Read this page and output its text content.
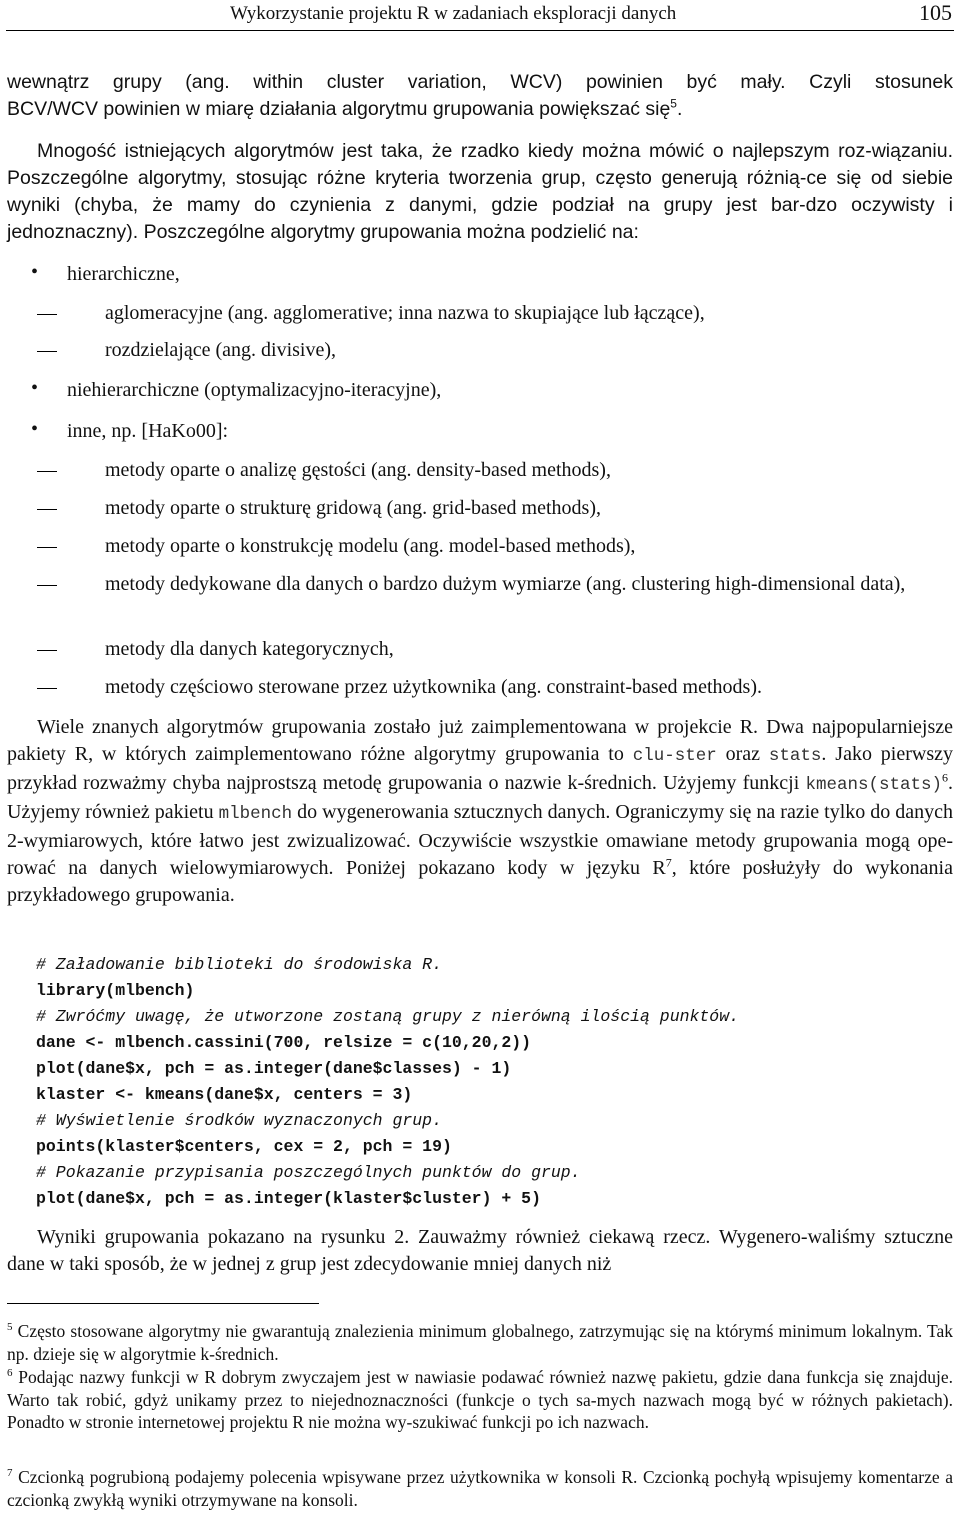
Wykorzystanie projektu R w zadaniach eksploracji danych	105
wewnątrz grupy (ang. within cluster variation, WCV) powinien być mały. Czyli stosunek
BCV/WCV powinien w miarę działania algorytmu grupowania powiększać się$^5$.

Mnogość istniejących algorytmów jest taka, że rzadko kiedy można mówić o najlepszym roz-wiązaniu. Poszczególne algorytmy, stosując różne kryteria tworzenia grup, często generują różnią-ce się od siebie wyniki (chyba, że mamy do czynienia z danymi, gdzie podział na grupy jest bar-dzo oczywisty i jednoznaczny). Poszczególne algorytmy grupowania można podzielić na:

• hierarchiczne,
aglomeracyjne (ang. agglomerative; inna nazwa to skupiające lub łączące),
rozdzielające (ang. divisive),
• niehierarchiczne (optymalizacyjno-iteracyjne),
• inne, np. [HaKo00]:
metody oparte o analizę gęstości (ang. density-based methods),
metody oparte o strukturę gridową (ang. grid-based methods),
metody oparte o konstrukcję modelu (ang. model-based methods),
metody dedykowane dla danych o bardzo dużym wymiarze (ang. clustering high-dimensional data),
metody dla danych kategorycznych,
metody częściowo sterowane przez użytkownika (ang. constraint-based methods).

Wiele znanych algorytmów grupowania zostało już zaimplementowana w projekcie R. Dwa najpopularniejsze pakiety R, w których zaimplementowano różne algorytmy grupowania to clu-ster oraz stats. Jako pierwszy przykład rozważmy chyba najprostszą metodę grupowania o nazwie k-średnich. Użyjemy funkcji kmeans(stats)$^6$. Użyjemy również pakietu mlbench do wygenerowania sztucznych danych. Ograniczymy się na razie tylko do danych 2-wymiarowych, które łatwo jest zwizualizować. Oczywiście wszystkie omawiane metody grupowania mogą ope-rować na danych wielowymiarowych. Poniżej pokazano kody w języku $R^7$, które posłużyły do wykonania przykładowego grupowania.

# Załadowanie biblioteki do środowiska R.
library(mlbench)
# Zwróćmy uwagę, że utworzone zostaną grupy z nierówną ilością punktów.
dane <- mlbench.cassini(700, relsize = c(10,20,2))
plot(dane$x, pch = as.integer(dane$classes) - 1)
klaster <- kmeans(dane$x, centers = 3)
# Wyświetlenie środków wyznaczonych grup.
points(klaster$centers, cex = 2, pch = 19)
# Pokazanie przypisania poszczególnych punktów do grup.
plot(dane$x, pch = as.integer(klaster$cluster) + 5)

Wyniki grupowania pokazano na rysunku 2. Zauważmy również ciekawą rzecz. Wygenero-waliśmy sztuczne dane w taki sposób, że w jednej z grup jest zdecydowanie mniej danych niż

$^5$ Często stosowane algorytmy nie gwarantują znalezienia minimum globalnego, zatrzymując się na którymś minimum lokalnym. Tak np. dzieje się w algorytmie k-średnich.
$^6$ Podając nazwy funkcji w R dobrym zwyczajem jest w nawiasie podawać również nazwę pakietu, gdzie dana funkcja się znajduje. Warto tak robić, gdyż unikamy przez to niejednoznaczności (funkcje o tych sa-mych nazwach mogą być w różnych pakietach). Ponadto w stronie internetowej projektu R nie można wy-szukiwać funkcji po ich nazwach.
$^7$ Czcionką pogrubioną podajemy polecenia wpisywane przez użytkownika w konsoli R. Czcionką pochyłą wpisujemy komentarze a czcionką zwykłą wyniki otrzymywane na konsoli.
